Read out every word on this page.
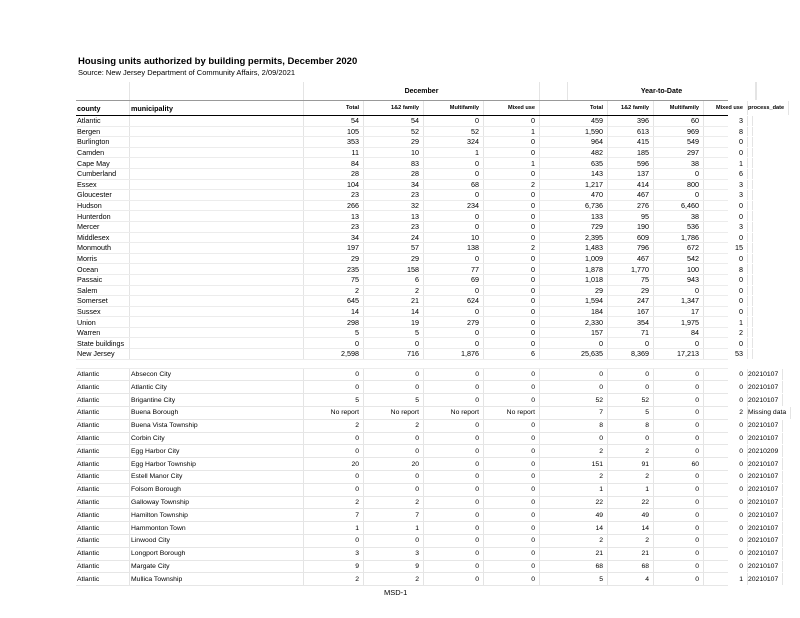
Housing units authorized by building permits, December 2020
Source: New Jersey Department of Community Affairs, 2/09/2021
December	Year-to-Date
county	municipality	Total	1&2 family	Multifamily	Mixed use	Total	1&2 family	Multifamily	Mixed use process_date
Atlantic	54	54	0	0	459	396	60	3
Bergen	105	52	52	1	1,590	613	969	8
Burlington	353	29	324	0	964	415	549	0
Camden	11	10	1	0	482	185	297	0
Cape May	84	83	0	1	635	596	38	1
Cumberland	28	28	0	0	143	137	0	6
Essex	104	34	68	2	1,217	414	800	3
Gloucester	23	23	0	0	470	467	0	3
Hudson	266	32	234	0	6,736	276	6,460	0
Hunterdon	13	13	0	0	133	95	38	0
Mercer	23	23	0	0	729	190	536	3
Middlesex	34	24	10	0	2,395	609	1,786	0
Monmouth	197	57	138	2	1,483	796	672	15
Morris	29	29	0	0	1,009	467	542	0
Ocean	235	158	77	0	1,878	1,770	100	8
Passaic	75	6	69	0	1,018	75	943	0
Salem	2	2	0	0	29	29	0	0
Somerset	645	21	624	0	1,594	247	1,347	0
Sussex	14	14	0	0	184	167	17	0
Union	298	19	279	0	2,330	354	1,975	1
Warren	5	5	0	0	157	71	84	2
State buildings	0	0	0	0	0	0	0	0
New Jersey	2,598	716	1,876	6	25,635	8,369	17,213	53
Atlantic	Absecon City	0	0	0	0	0	0	0	0 20210107
Atlantic	Atlantic City	0	0	0	0	0	0	0	0 20210107
Atlantic	Brigantine City	5	5	0	0	52	52	0	0 20210107
Atlantic	Buena Borough	No report	No report	No report	No report	7	5	0	2 Missing data
Atlantic	Buena Vista Township	2	2	0	0	8	8	0	0 20210107
Atlantic	Corbin City	0	0	0	0	0	0	0	0 20210107
Atlantic	Egg Harbor City	0	0	0	0	2	2	0	0 20210209
Atlantic	Egg Harbor Township	20	20	0	0	151	91	60	0 20210107
Atlantic	Estell Manor City	0	0	0	0	2	2	0	0 20210107
Atlantic	Folsom Borough	0	0	0	0	1	1	0	0 20210107
Atlantic	Galloway Township	2	2	0	0	22	22	0	0 20210107
Atlantic	Hamilton Township	7	7	0	0	49	49	0	0 20210107
Atlantic	Hammonton Town	1	1	0	0	14	14	0	0 20210107
Atlantic	Linwood City	0	0	0	0	2	2	0	0 20210107
Atlantic	Longport Borough	3	3	0	0	21	21	0	0 20210107
Atlantic	Margate City	9	9	0	0	68	68	0	0 20210107
Atlantic	Mullica Township	2	2	0	0	5	4	0	1 20210107
MSD-1
